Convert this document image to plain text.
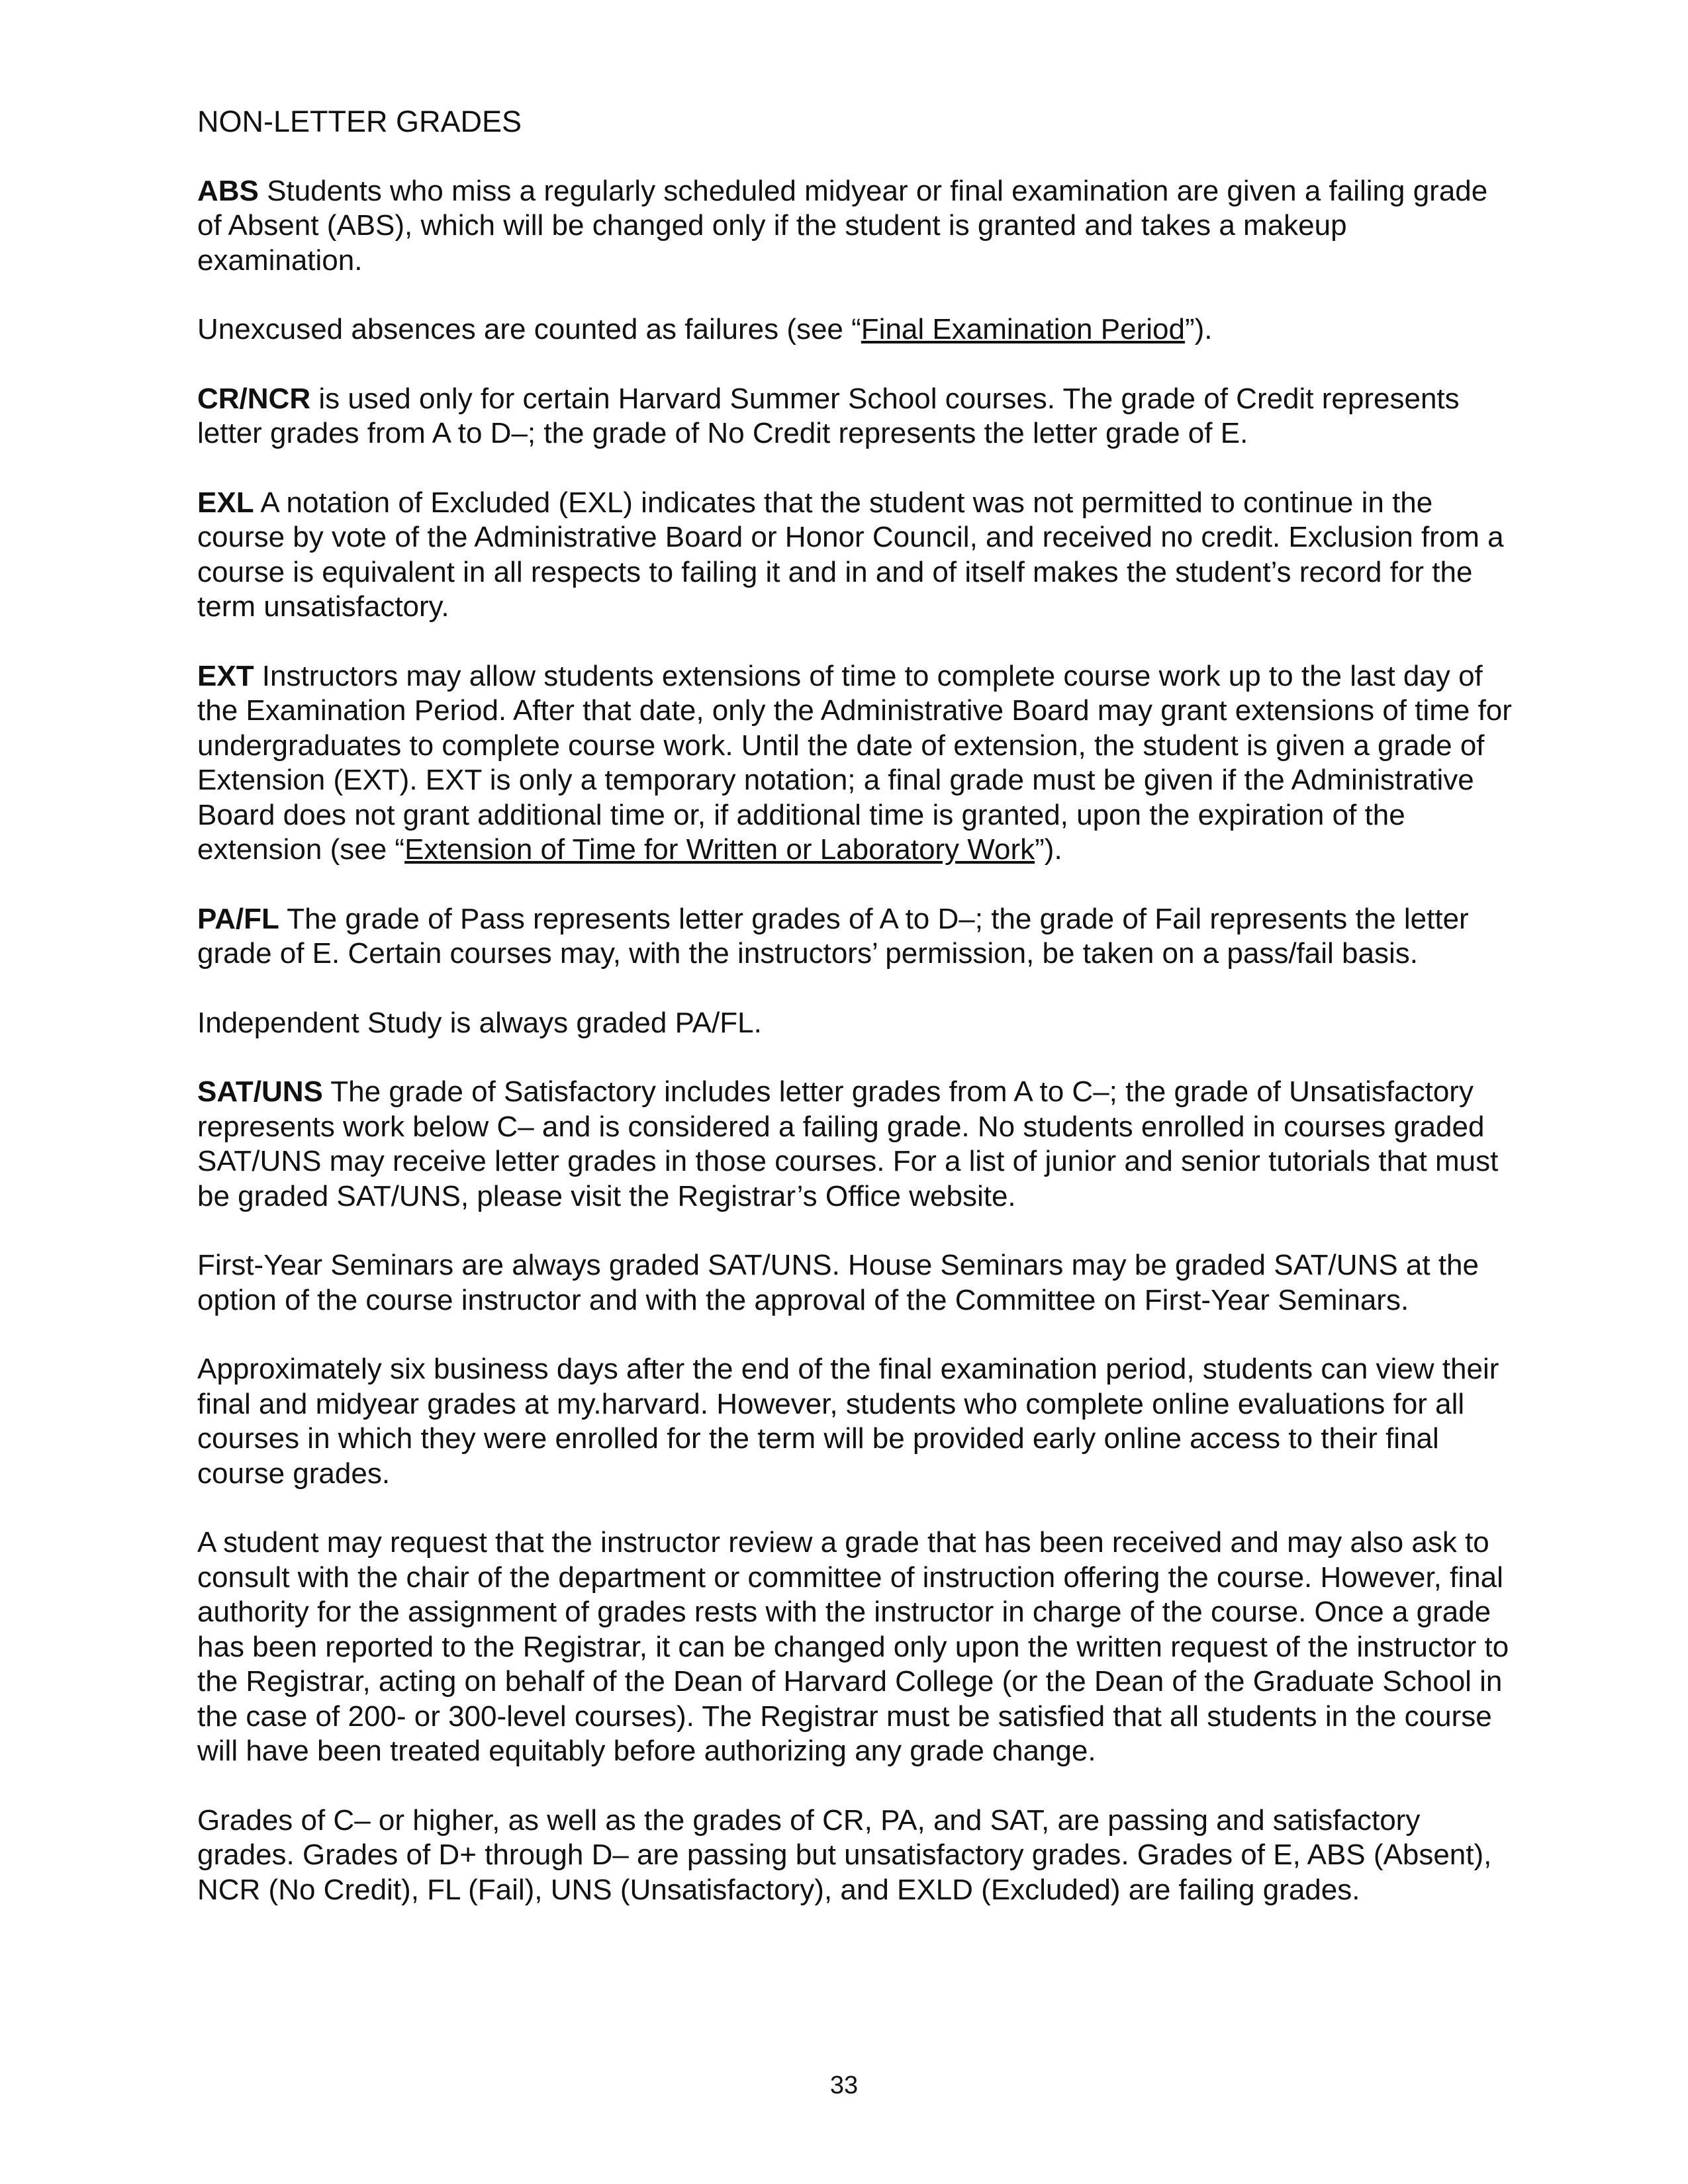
NON-LETTER GRADES

ABS Students who miss a regularly scheduled midyear or final examination are given a failing grade of Absent (ABS), which will be changed only if the student is granted and takes a makeup examination.

Unexcused absences are counted as failures (see “Final Examination Period”).

CR/NCR is used only for certain Harvard Summer School courses. The grade of Credit represents letter grades from A to D–; the grade of No Credit represents the letter grade of E.

EXL A notation of Excluded (EXL) indicates that the student was not permitted to continue in the course by vote of the Administrative Board or Honor Council, and received no credit. Exclusion from a course is equivalent in all respects to failing it and in and of itself makes the student’s record for the term unsatisfactory.

EXT Instructors may allow students extensions of time to complete course work up to the last day of the Examination Period. After that date, only the Administrative Board may grant extensions of time for undergraduates to complete course work. Until the date of extension, the student is given a grade of Extension (EXT). EXT is only a temporary notation; a final grade must be given if the Administrative Board does not grant additional time or, if additional time is granted, upon the expiration of the extension (see “Extension of Time for Written or Laboratory Work”).

PA/FL The grade of Pass represents letter grades of A to D–; the grade of Fail represents the letter grade of E. Certain courses may, with the instructors’ permission, be taken on a pass/fail basis.

Independent Study is always graded PA/FL.

SAT/UNS The grade of Satisfactory includes letter grades from A to C–; the grade of Unsatisfactory represents work below C– and is considered a failing grade. No students enrolled in courses graded SAT/UNS may receive letter grades in those courses. For a list of junior and senior tutorials that must be graded SAT/UNS, please visit the Registrar’s Office website.

First-Year Seminars are always graded SAT/UNS. House Seminars may be graded SAT/UNS at the option of the course instructor and with the approval of the Committee on First-Year Seminars.

Approximately six business days after the end of the final examination period, students can view their final and midyear grades at my.harvard. However, students who complete online evaluations for all courses in which they were enrolled for the term will be provided early online access to their final course grades.

A student may request that the instructor review a grade that has been received and may also ask to consult with the chair of the department or committee of instruction offering the course. However, final authority for the assignment of grades rests with the instructor in charge of the course. Once a grade has been reported to the Registrar, it can be changed only upon the written request of the instructor to the Registrar, acting on behalf of the Dean of Harvard College (or the Dean of the Graduate School in the case of 200- or 300-level courses). The Registrar must be satisfied that all students in the course will have been treated equitably before authorizing any grade change.

Grades of C– or higher, as well as the grades of CR, PA, and SAT, are passing and satisfactory grades. Grades of D+ through D– are passing but unsatisfactory grades. Grades of E, ABS (Absent), NCR (No Credit), FL (Fail), UNS (Unsatisfactory), and EXLD (Excluded) are failing grades.

33
